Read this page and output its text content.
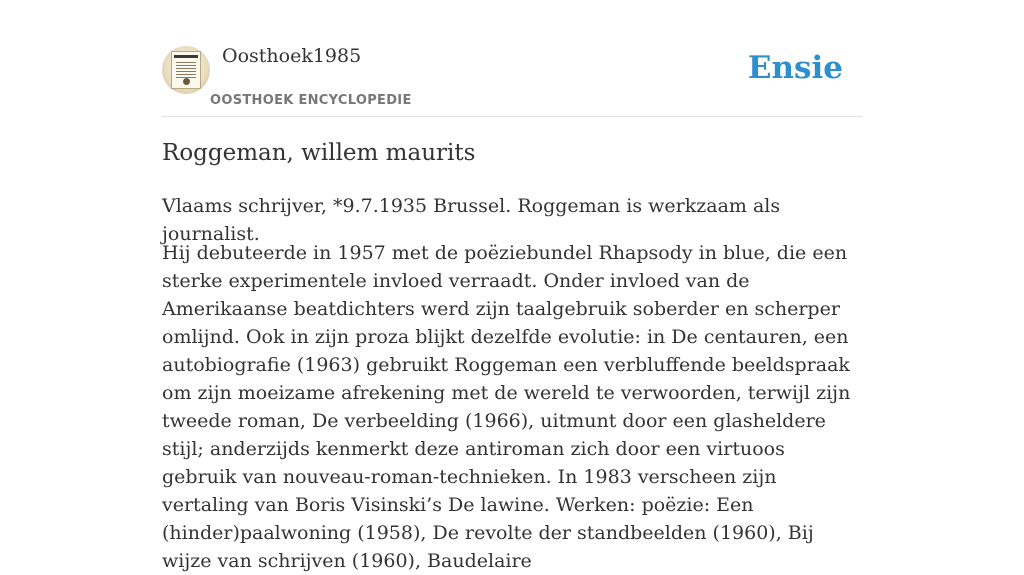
Oosthoek1985
OOSTHOEK ENCYCLOPEDIE
Ensie
Roggeman, willem maurits

Vlaams schrijver, *9.7.1935 Brussel. Roggeman is werkzaam als journalist.

Hij debuteerde in 1957 met de poëziebundel Rhapsody in blue, die een sterke experimentele invloed verraadt. Onder invloed van de Amerikaanse beatdichters werd zijn taalgebruik soberder en scherper omlijnd. Ook in zijn proza blijkt dezelfde evolutie: in De centauren, een autobiografie (1963) gebruikt Roggeman een verbluffende beeldspraak om zijn moeizame afrekening met de wereld te verwoorden, terwijl zijn tweede roman, De verbeelding (1966), uitmunt door een glasheldere stijl; anderzijds kenmerkt deze antiroman zich door een virtuoos gebruik van nouveau-roman-technieken. In 1983 verscheen zijn vertaling van Boris Visinski’s De lawine. Werken: poëzie: Een (hinder)paalwoning (1958), De revolte der standbeelden (1960), Bij wijze van schrijven (1960), Baudelaire
